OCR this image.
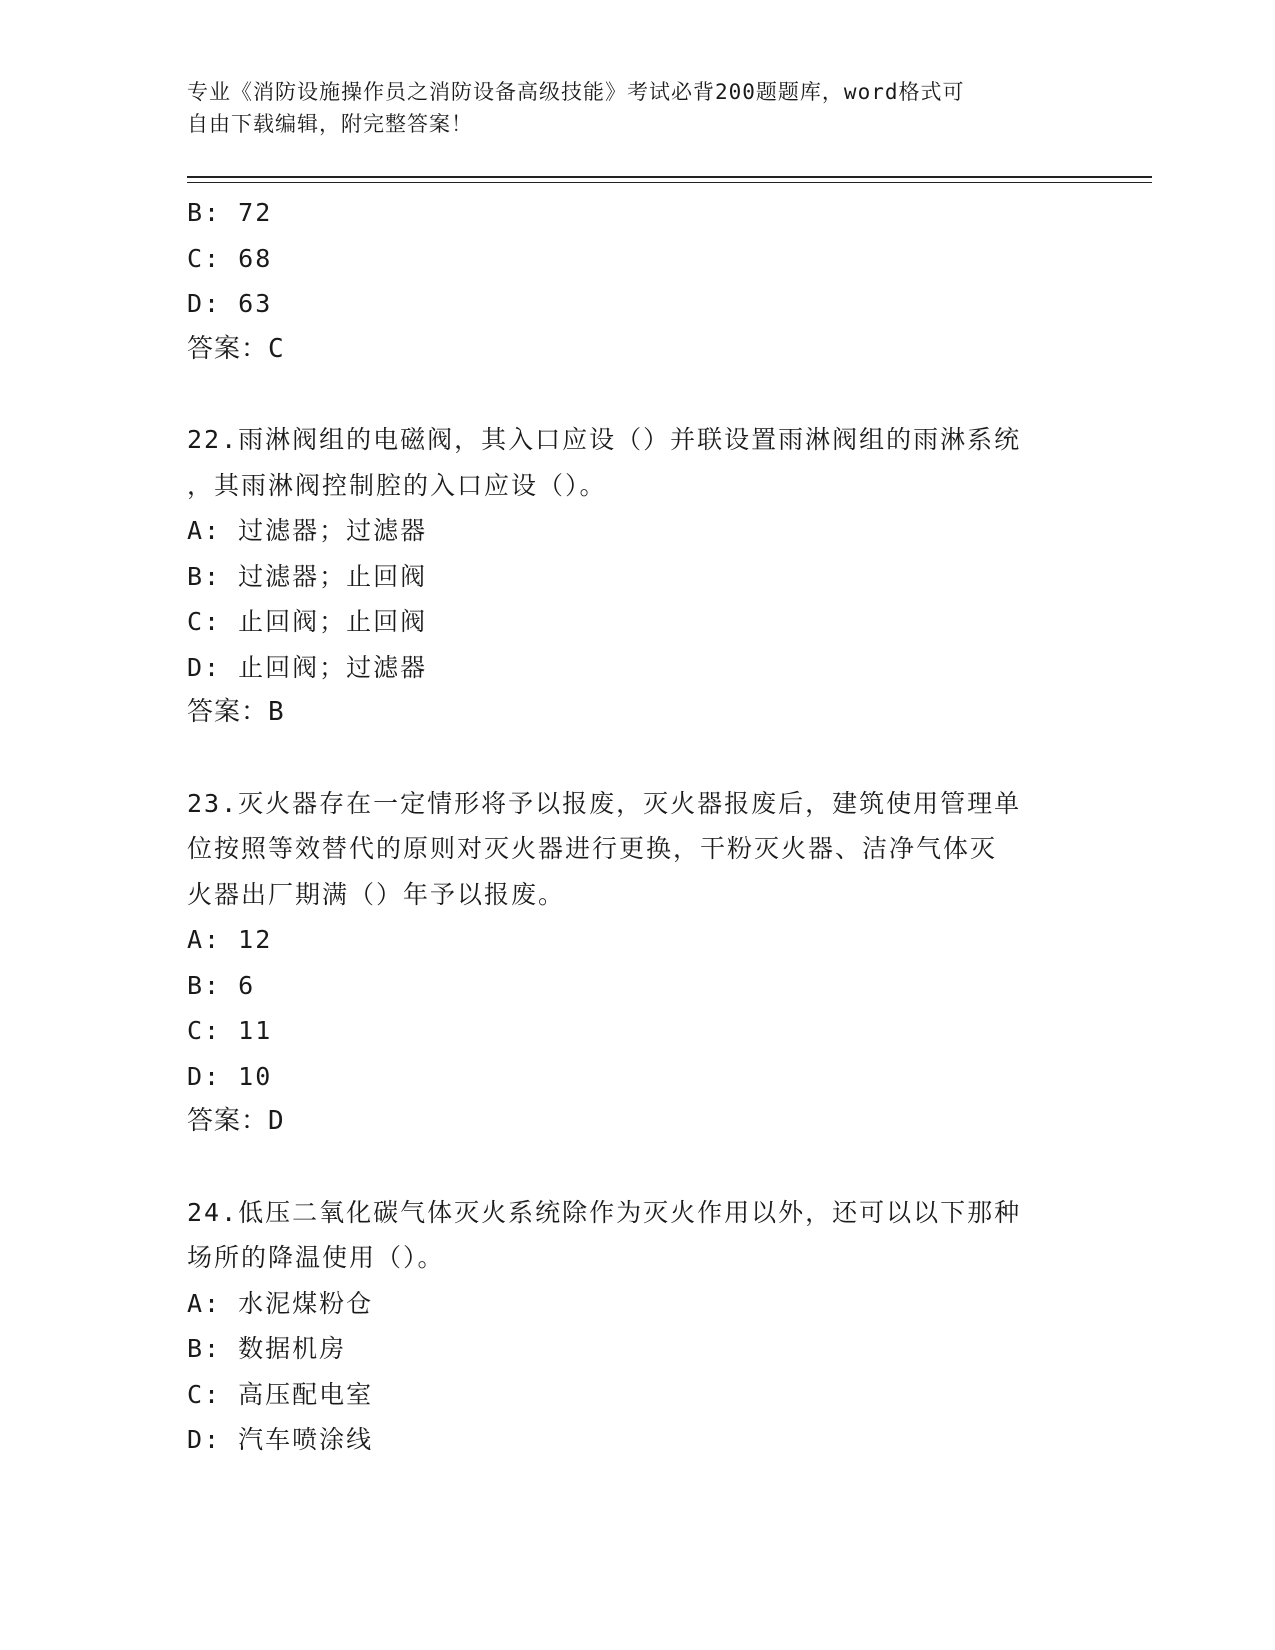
专业《消防设施操作员之消防设备高级技能》考试必背200题题库，word格式可
自由下载编辑，附完整答案！
B: 72
C: 68
D: 63
答案：C
22.雨淋阀组的电磁阀，其入口应设（）并联设置雨淋阀组的雨淋系统
，其雨淋阀控制腔的入口应设（）。
A: 过滤器；过滤器
B: 过滤器；止回阀
C: 止回阀；止回阀
D: 止回阀；过滤器
答案：B
23.灭火器存在一定情形将予以报废，灭火器报废后，建筑使用管理单
位按照等效替代的原则对灭火器进行更换，干粉灭火器、洁净气体灭
火器出厂期满（）年予以报废。
A: 12
B: 6
C: 11
D: 10
答案：D
24.低压二氧化碳气体灭火系统除作为灭火作用以外，还可以以下那种
场所的降温使用（）。
A: 水泥煤粉仓
B: 数据机房
C: 高压配电室
D: 汽车喷涂线
